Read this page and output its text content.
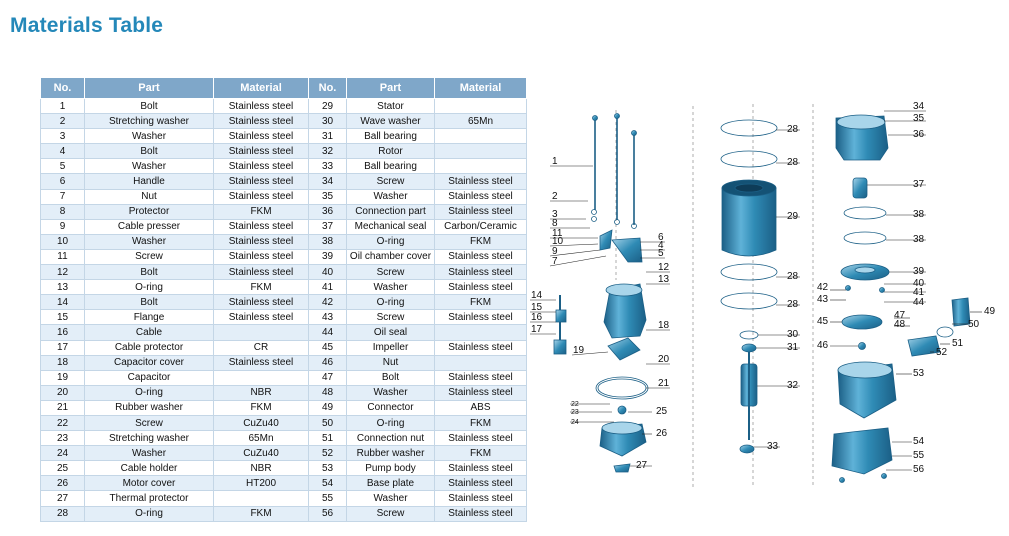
Materials Table
No.	Part	Material	No.	Part	Material
1	Bolt	Stainless steel	29	Stator	
2	Stretching washer	Stainless steel	30	Wave washer	65Mn
3	Washer	Stainless steel	31	Ball bearing	
4	Bolt	Stainless steel	32	Rotor	
5	Washer	Stainless steel	33	Ball bearing	
6	Handle	Stainless steel	34	Screw	Stainless steel
7	Nut	Stainless steel	35	Washer	Stainless steel
8	Protector	FKM	36	Connection part	Stainless steel
9	Cable presser	Stainless steel	37	Mechanical seal	Carbon/Ceramic
10	Washer	Stainless steel	38	O-ring	FKM
11	Screw	Stainless steel	39	Oil chamber cover	Stainless steel
12	Bolt	Stainless steel	40	Screw	Stainless steel
13	O-ring	FKM	41	Washer	Stainless steel
14	Bolt	Stainless steel	42	O-ring	FKM
15	Flange	Stainless steel	43	Screw	Stainless steel
16	Cable		44	Oil seal	
17	Cable protector	CR	45	Impeller	Stainless steel
18	Capacitor cover	Stainless steel	46	Nut	
19	Capacitor		47	Bolt	Stainless steel
20	O-ring	NBR	48	Washer	Stainless steel
21	Rubber washer	FKM	49	Connector	ABS
22	Screw	CuZu40	50	O-ring	FKM
23	Stretching washer	65Mn	51	Connection nut	Stainless steel
24	Washer	CuZu40	52	Rubber washer	FKM
25	Cable holder	NBR	53	Pump body	Stainless steel
26	Motor cover	HT200	54	Base plate	Stainless steel
27	Thermal protector		55	Washer	Stainless steel
28	O-ring	FKM	56	Screw	Stainless steel
1
2
3
8
11
10
9
7
6
4
5
12
13
14
15
16
17	18
19
20
21
22
23
24
25
26
27
28
28
29
28
28
30
31
32
33
34
35
36
37
38
38
39
40
41
42
43	44
45
47
48
49
50
46	51
52
53
54
55
56
